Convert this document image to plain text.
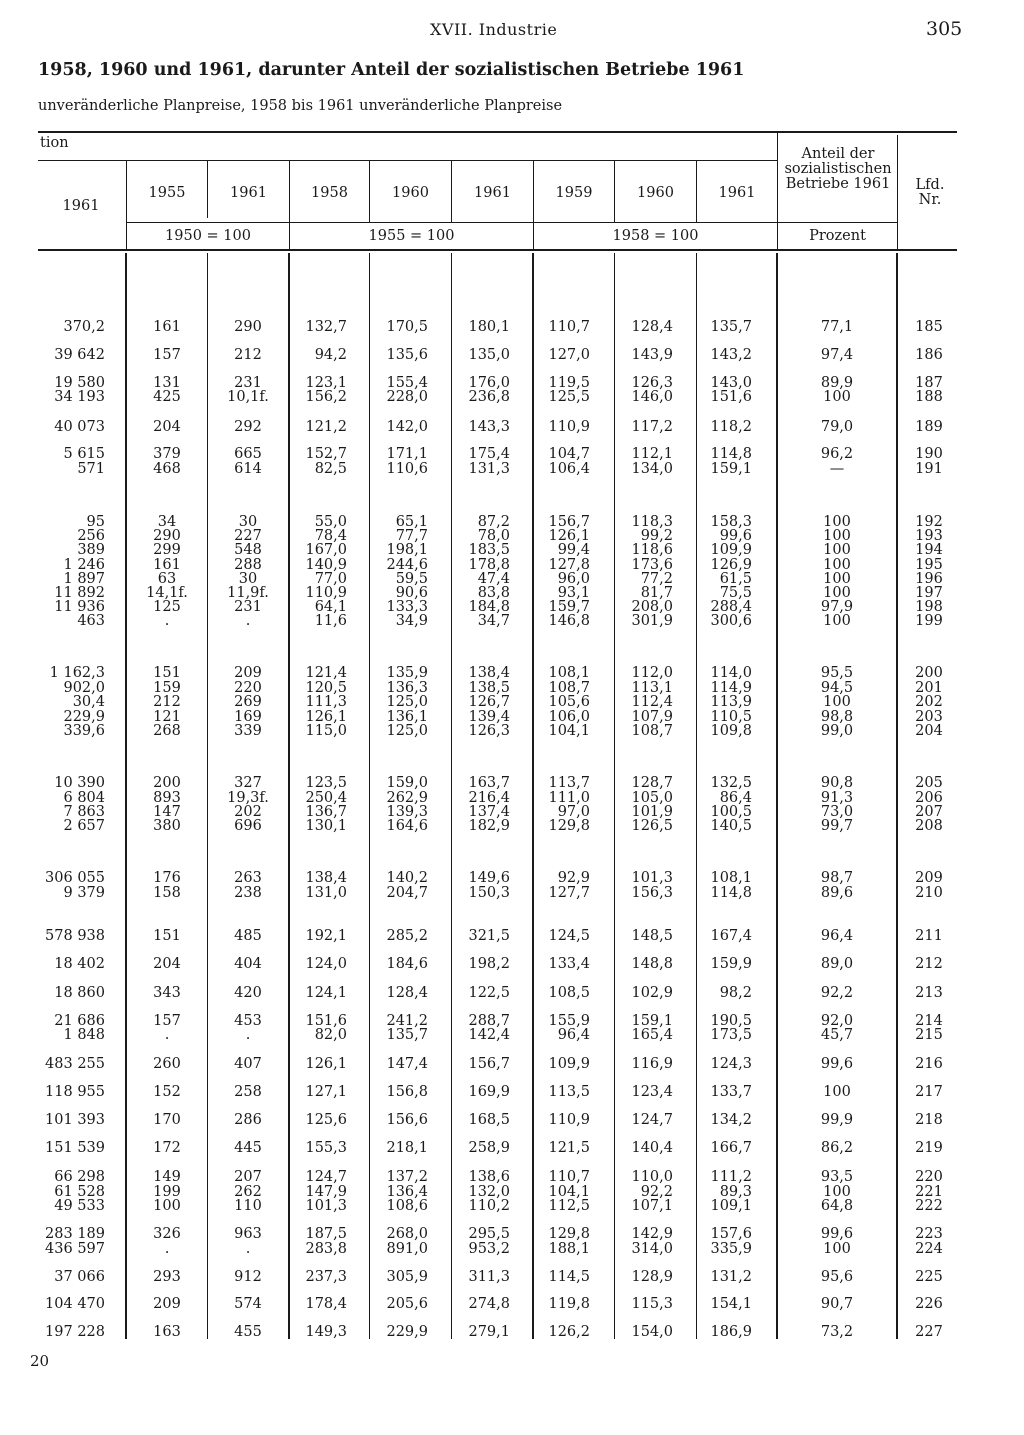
XVII. Industrie	305
1958, 1960 und 1961, darunter Anteil der sozialistischen Betriebe 1961
unveränderliche Planpreise, 1958 bis 1961 unveränderliche Planpreise
tion
1961
1955	1961	1958	1960	1961	1959	1960	1961
Anteil der sozialistischen Betriebe 1961	Lfd. Nr.
1950 = 100	1955 = 100	1958 = 100	Prozent
370,2	161	290	132,7	170,5	180,1	110,7	128,4	135,7	77,1	185
39 642	157	212	94,2	135,6	135,0	127,0	143,9	143,2	97,4	186
19 580	131	231	123,1	155,4	176,0	119,5	126,3	143,0	89,9	187
34 193	425	10,1f.	156,2	228,0	236,8	125,5	146,0	151,6	100	188
40 073	204	292	121,2	142,0	143,3	110,9	117,2	118,2	79,0	189
5 615	379	665	152,7	171,1	175,4	104,7	112,1	114,8	96,2	190
571	468	614	82,5	110,6	131,3	106,4	134,0	159,1	—	191
95	34	30	55,0	65,1	87,2	156,7	118,3	158,3	100	192
256	290	227	78,4	77,7	78,0	126,1	99,2	99,6	100	193
389	299	548	167,0	198,1	183,5	99,4	118,6	109,9	100	194
1 246	161	288	140,9	244,6	178,8	127,8	173,6	126,9	100	195
1 897	63	30	77,0	59,5	47,4	96,0	77,2	61,5	100	196
11 892	14,1f.	11,9f.	110,9	90,6	83,8	93,1	81,7	75,5	100	197
11 936	125	231	64,1	133,3	184,8	159,7	208,0	288,4	97,9	198
463	.	.	11,6	34,9	34,7	146,8	301,9	300,6	100	199
1 162,3	151	209	121,4	135,9	138,4	108,1	112,0	114,0	95,5	200
902,0	159	220	120,5	136,3	138,5	108,7	113,1	114,9	94,5	201
30,4	212	269	111,3	125,0	126,7	105,6	112,4	113,9	100	202
229,9	121	169	126,1	136,1	139,4	106,0	107,9	110,5	98,8	203
339,6	268	339	115,0	125,0	126,3	104,1	108,7	109,8	99,0	204
10 390	200	327	123,5	159,0	163,7	113,7	128,7	132,5	90,8	205
6 804	893	19,3f.	250,4	262,9	216,4	111,0	105,0	86,4	91,3	206
7 863	147	202	136,7	139,3	137,4	97,0	101,9	100,5	73,0	207
2 657	380	696	130,1	164,6	182,9	129,8	126,5	140,5	99,7	208
306 055	176	263	138,4	140,2	149,6	92,9	101,3	108,1	98,7	209
9 379	158	238	131,0	204,7	150,3	127,7	156,3	114,8	89,6	210
578 938	151	485	192,1	285,2	321,5	124,5	148,5	167,4	96,4	211
18 402	204	404	124,0	184,6	198,2	133,4	148,8	159,9	89,0	212
18 860	343	420	124,1	128,4	122,5	108,5	102,9	98,2	92,2	213
21 686	157	453	151,6	241,2	288,7	155,9	159,1	190,5	92,0	214
1 848	.	.	82,0	135,7	142,4	96,4	165,4	173,5	45,7	215
483 255	260	407	126,1	147,4	156,7	109,9	116,9	124,3	99,6	216
118 955	152	258	127,1	156,8	169,9	113,5	123,4	133,7	100	217
101 393	170	286	125,6	156,6	168,5	110,9	124,7	134,2	99,9	218
151 539	172	445	155,3	218,1	258,9	121,5	140,4	166,7	86,2	219
66 298	149	207	124,7	137,2	138,6	110,7	110,0	111,2	93,5	220
61 528	199	262	147,9	136,4	132,0	104,1	92,2	89,3	100	221
49 533	100	110	101,3	108,6	110,2	112,5	107,1	109,1	64,8	222
283 189	326	963	187,5	268,0	295,5	129,8	142,9	157,6	99,6	223
436 597	.	.	283,8	891,0	953,2	188,1	314,0	335,9	100	224
37 066	293	912	237,3	305,9	311,3	114,5	128,9	131,2	95,6	225
104 470	209	574	178,4	205,6	274,8	119,8	115,3	154,1	90,7	226
197 228	163	455	149,3	229,9	279,1	126,2	154,0	186,9	73,2	227
20
